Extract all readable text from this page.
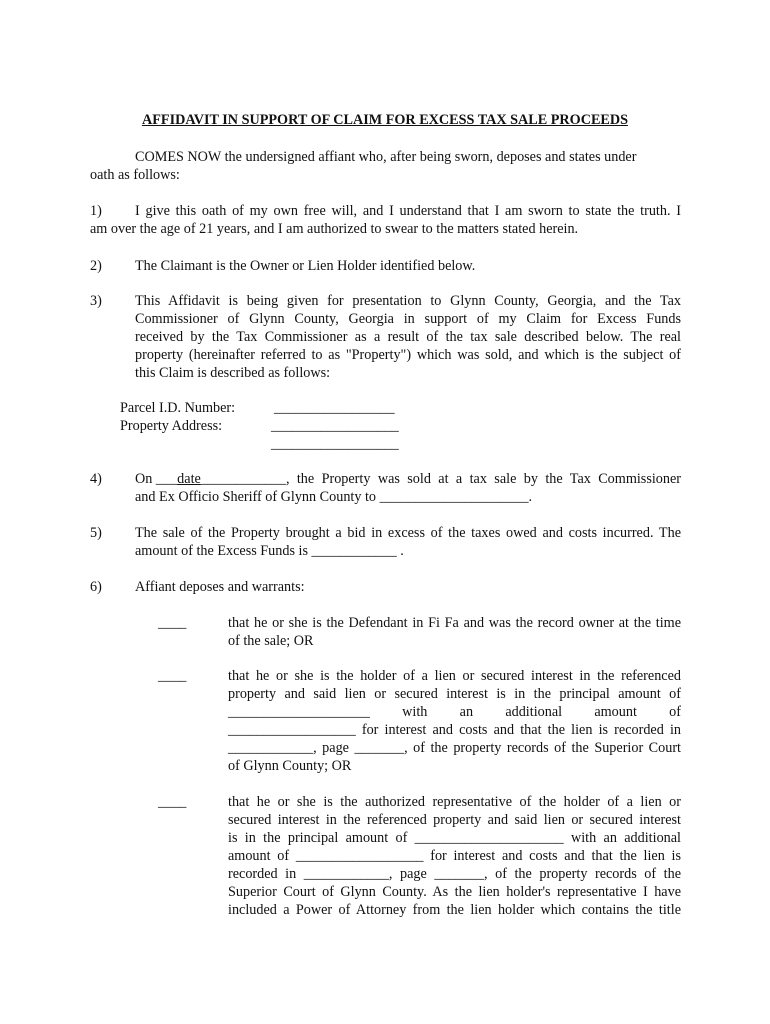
AFFIDAVIT IN SUPPORT OF CLAIM FOR EXCESS TAX SALE PROCEEDS
COMES NOW the undersigned affiant who, after being sworn, deposes and states under
oath as follows:
1) I give this oath of my own free will, and I understand that I am sworn to state the truth. I
am over the age of 21 years, and I am authorized to swear to the matters stated herein.
2) The Claimant is the Owner or Lien Holder identified below.
3) This Affidavit is being given for presentation to Glynn County, Georgia, and the Tax
Commissioner of Glynn County, Georgia in support of my Claim for Excess Funds
received by the Tax Commissioner as a result of the tax sale described below. The real
property (hereinafter referred to as "Property") which was sold, and which is the subject of
this Claim is described as follows:
Parcel I.D. Number:	_________________
Property Address:	__________________
__________________
4) On ___date____________ , the Property was sold at a tax sale by the Tax Commissioner
and Ex Officio Sheriff of Glynn County to _____________________.
5) The sale of the Property brought a bid in excess of the taxes owed and costs incurred. The
amount of the Excess Funds is ____________ .
6) Affiant deposes and warrants:
____	that he or she is the Defendant in Fi Fa and was the record owner at the time
of the sale; OR
____	that he or she is the holder of a lien or secured interest in the referenced
property and said lien or secured interest is in the principal amount of
____________________ with an additional amount of
__________________ for interest and costs and that the lien is recorded in
____________, page _______, of the property records of the Superior Court
of Glynn County; OR
____	that he or she is the authorized representative of the holder of a lien or
secured interest in the referenced property and said lien or secured interest
is in the principal amount of _____________________ with an additional
amount of __________________ for interest and costs and that the lien is
recorded in ____________, page _______, of the property records of the
Superior Court of Glynn County. As the lien holder's representative I have
included a Power of Attorney from the lien holder which contains the title
